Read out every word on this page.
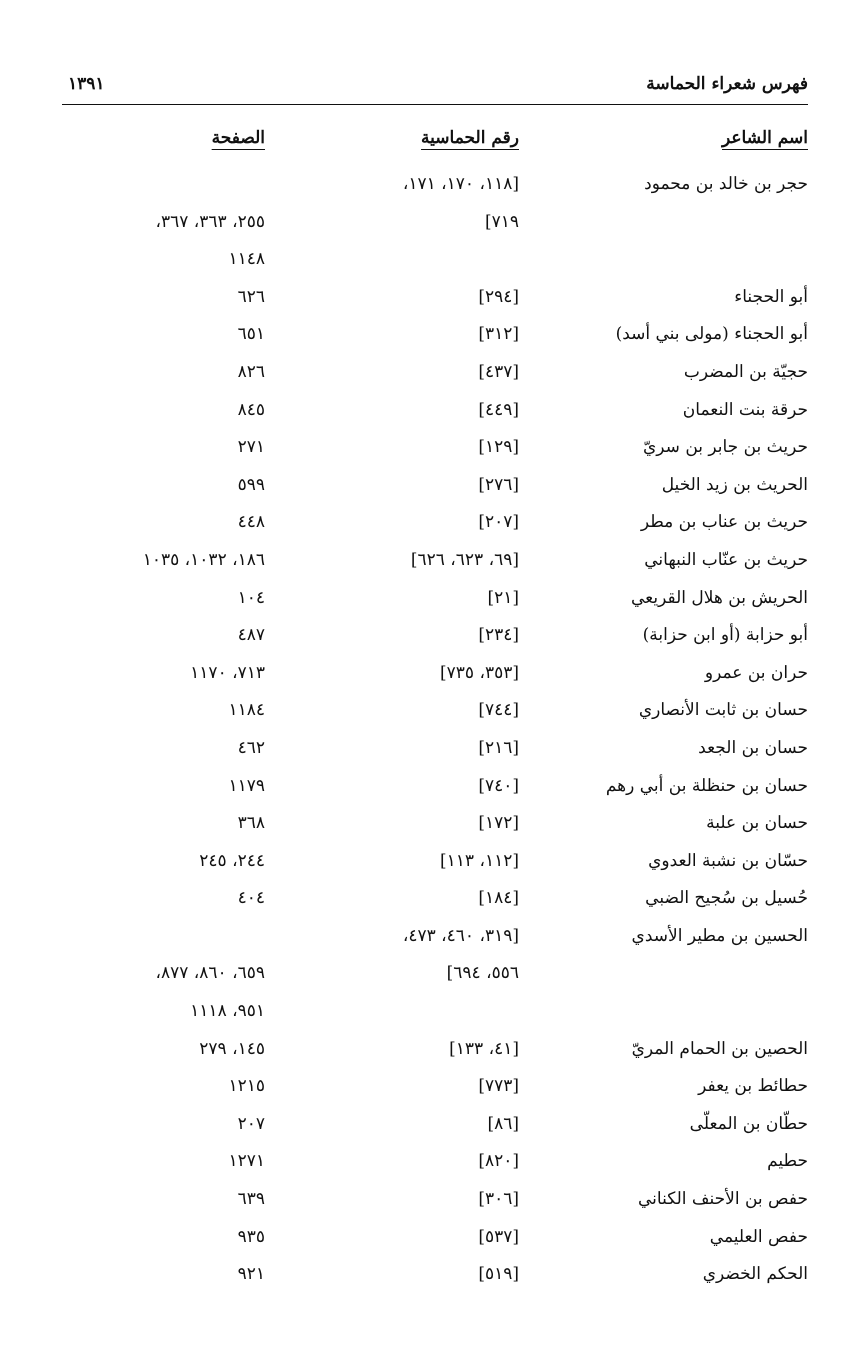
فهرس شعراء الحماسة
١٣٩١
اسم الشاعر
رقم الحماسية
الصفحة
حجر بن خالد بن محمود
[١١٨، ١٧٠، ١٧١،
٧١٩]
٢٥٥، ٣٦٣، ٣٦٧،
١١٤٨
أبو الحجناء
[٢٩٤]
٦٢٦
أبو الحجناء (مولى بني أسد)
[٣١٢]
٦٥١
حجيّة بن المضرب
[٤٣٧]
٨٢٦
حرقة بنت النعمان
[٤٤٩]
٨٤٥
حريث بن جابر بن سريّ
[١٢٩]
٢٧١
الحريث بن زيد الخيل
[٢٧٦]
٥٩٩
حريث بن عناب بن مطر
[٢٠٧]
٤٤٨
حريث بن عنّاب النبهاني
[٦٩، ٦٢٣، ٦٢٦]
١٨٦، ١٠٣٢، ١٠٣٥
الحريش بن هلال القريعي
[٢١]
١٠٤
أبو حزابة (أو ابن حزابة)
[٢٣٤]
٤٨٧
حران بن عمرو
[٣٥٣، ٧٣٥]
٧١٣، ١١٧٠
حسان بن ثابت الأنصاري
[٧٤٤]
١١٨٤
حسان بن الجعد
[٢١٦]
٤٦٢
حسان بن حنظلة بن أبي رهم
[٧٤٠]
١١٧٩
حسان بن علبة
[١٧٢]
٣٦٨
حسّان بن نشبة العدوي
[١١٢، ١١٣]
٢٤٤، ٢٤٥
حُسيل بن سُجيح الضبي
[١٨٤]
٤٠٤
الحسين بن مطير الأسدي
[٣١٩، ٤٦٠، ٤٧٣،
٥٥٦، ٦٩٤]
٦٥٩، ٨٦٠، ٨٧٧،
٩٥١، ١١١٨
الحصين بن الحمام المريّ
[٤١، ١٣٣]
١٤٥، ٢٧٩
حطائط بن يعفر
[٧٧٣]
١٢١٥
حطّان بن المعلّى
[٨٦]
٢٠٧
حطيم
[٨٢٠]
١٢٧١
حفص بن الأحنف الكناني
[٣٠٦]
٦٣٩
حفص العليمي
[٥٣٧]
٩٣٥
الحكم الخضري
[٥١٩]
٩٢١
